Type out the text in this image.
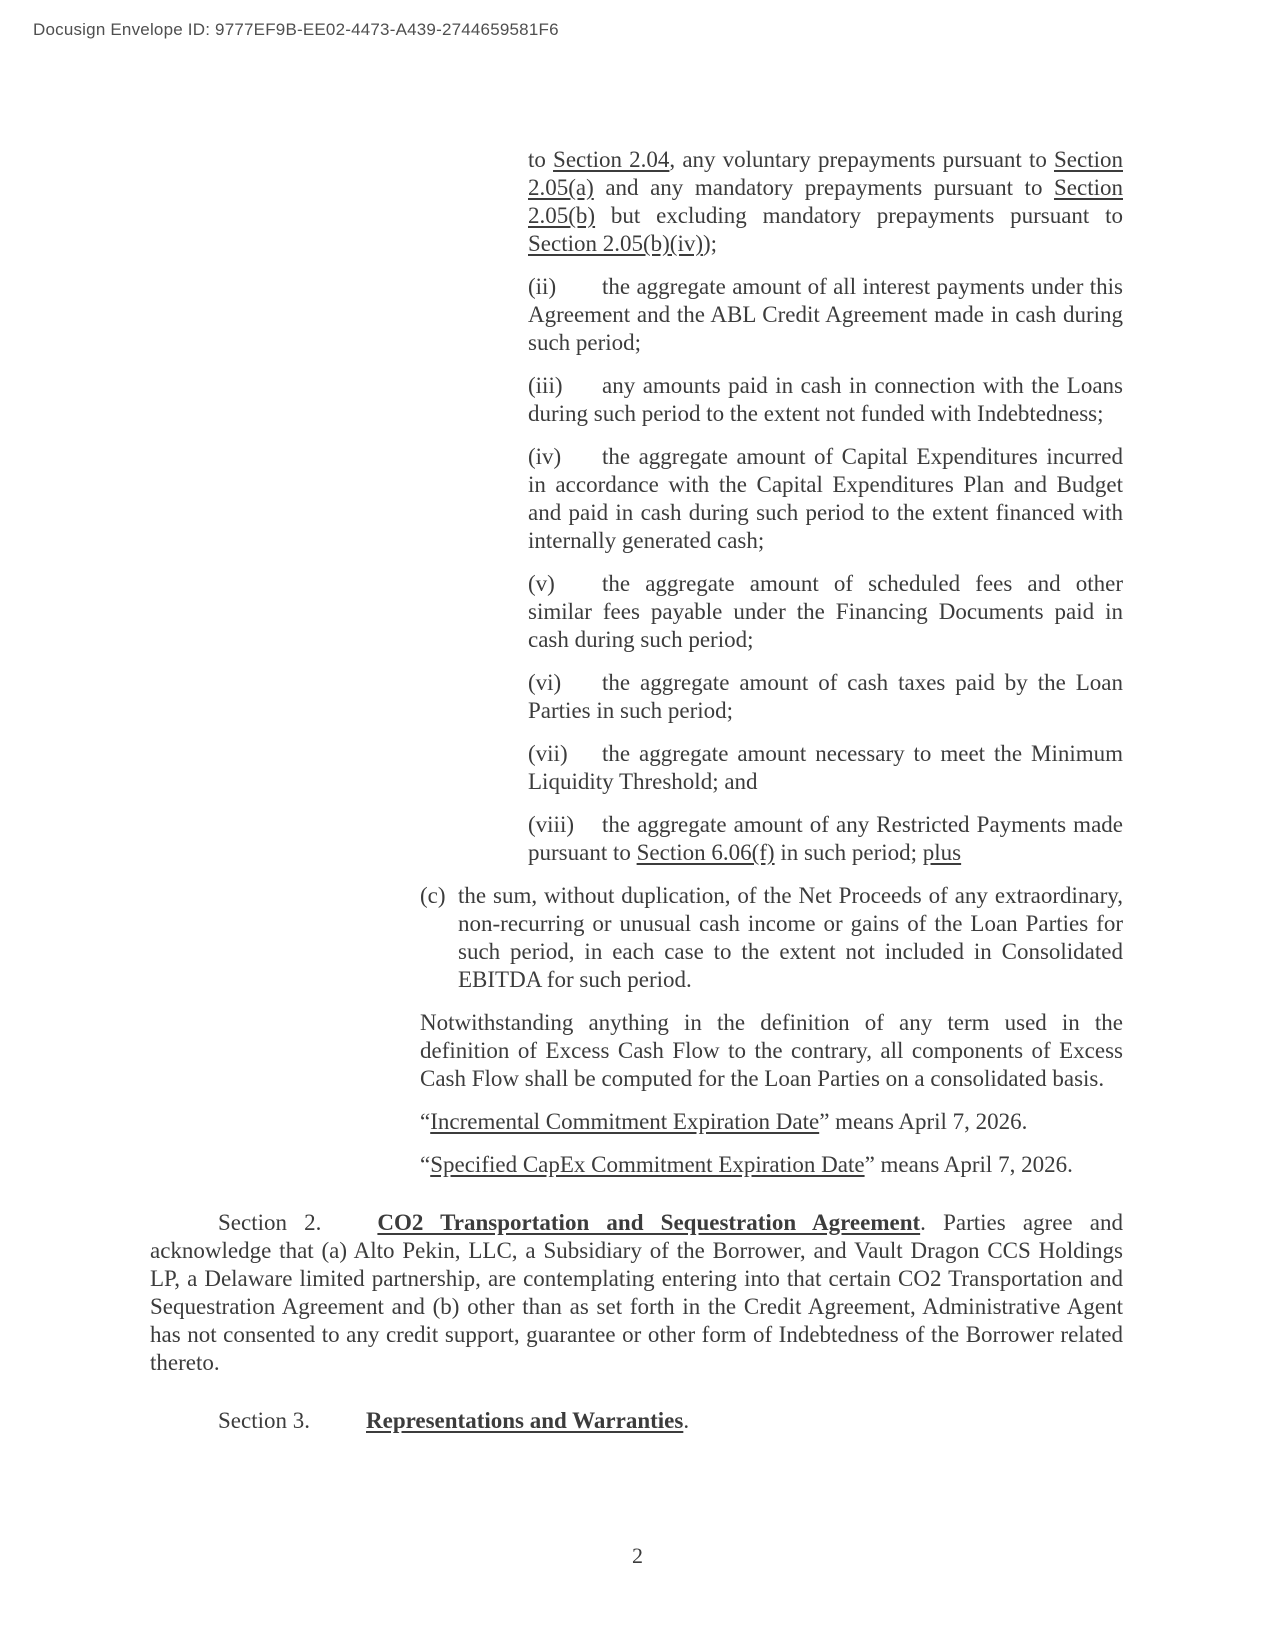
Docusign Envelope ID: 9777EF9B-EE02-4473-A439-2744659581F6

to Section 2.04, any voluntary prepayments pursuant to Section 2.05(a) and any mandatory prepayments pursuant to Section 2.05(b) but excluding mandatory prepayments pursuant to Section 2.05(b)(iv));

(ii) the aggregate amount of all interest payments under this Agreement and the ABL Credit Agreement made in cash during such period;

(iii) any amounts paid in cash in connection with the Loans during such period to the extent not funded with Indebtedness;

(iv) the aggregate amount of Capital Expenditures incurred in accordance with the Capital Expenditures Plan and Budget and paid in cash during such period to the extent financed with internally generated cash;

(v) the aggregate amount of scheduled fees and other similar fees payable under the Financing Documents paid in cash during such period;

(vi) the aggregate amount of cash taxes paid by the Loan Parties in such period;

(vii) the aggregate amount necessary to meet the Minimum Liquidity Threshold; and

(viii) the aggregate amount of any Restricted Payments made pursuant to Section 6.06(f) in such period; plus

(c) the sum, without duplication, of the Net Proceeds of any extraordinary, non-recurring or unusual cash income or gains of the Loan Parties for such period, in each case to the extent not included in Consolidated EBITDA for such period.

Notwithstanding anything in the definition of any term used in the definition of Excess Cash Flow to the contrary, all components of Excess Cash Flow shall be computed for the Loan Parties on a consolidated basis.

“Incremental Commitment Expiration Date” means April 7, 2026.

“Specified CapEx Commitment Expiration Date” means April 7, 2026.

Section 2. CO2 Transportation and Sequestration Agreement. Parties agree and acknowledge that (a) Alto Pekin, LLC, a Subsidiary of the Borrower, and Vault Dragon CCS Holdings LP, a Delaware limited partnership, are contemplating entering into that certain CO2 Transportation and Sequestration Agreement and (b) other than as set forth in the Credit Agreement, Administrative Agent has not consented to any credit support, guarantee or other form of Indebtedness of the Borrower related thereto.

Section 3. Representations and Warranties.

2
